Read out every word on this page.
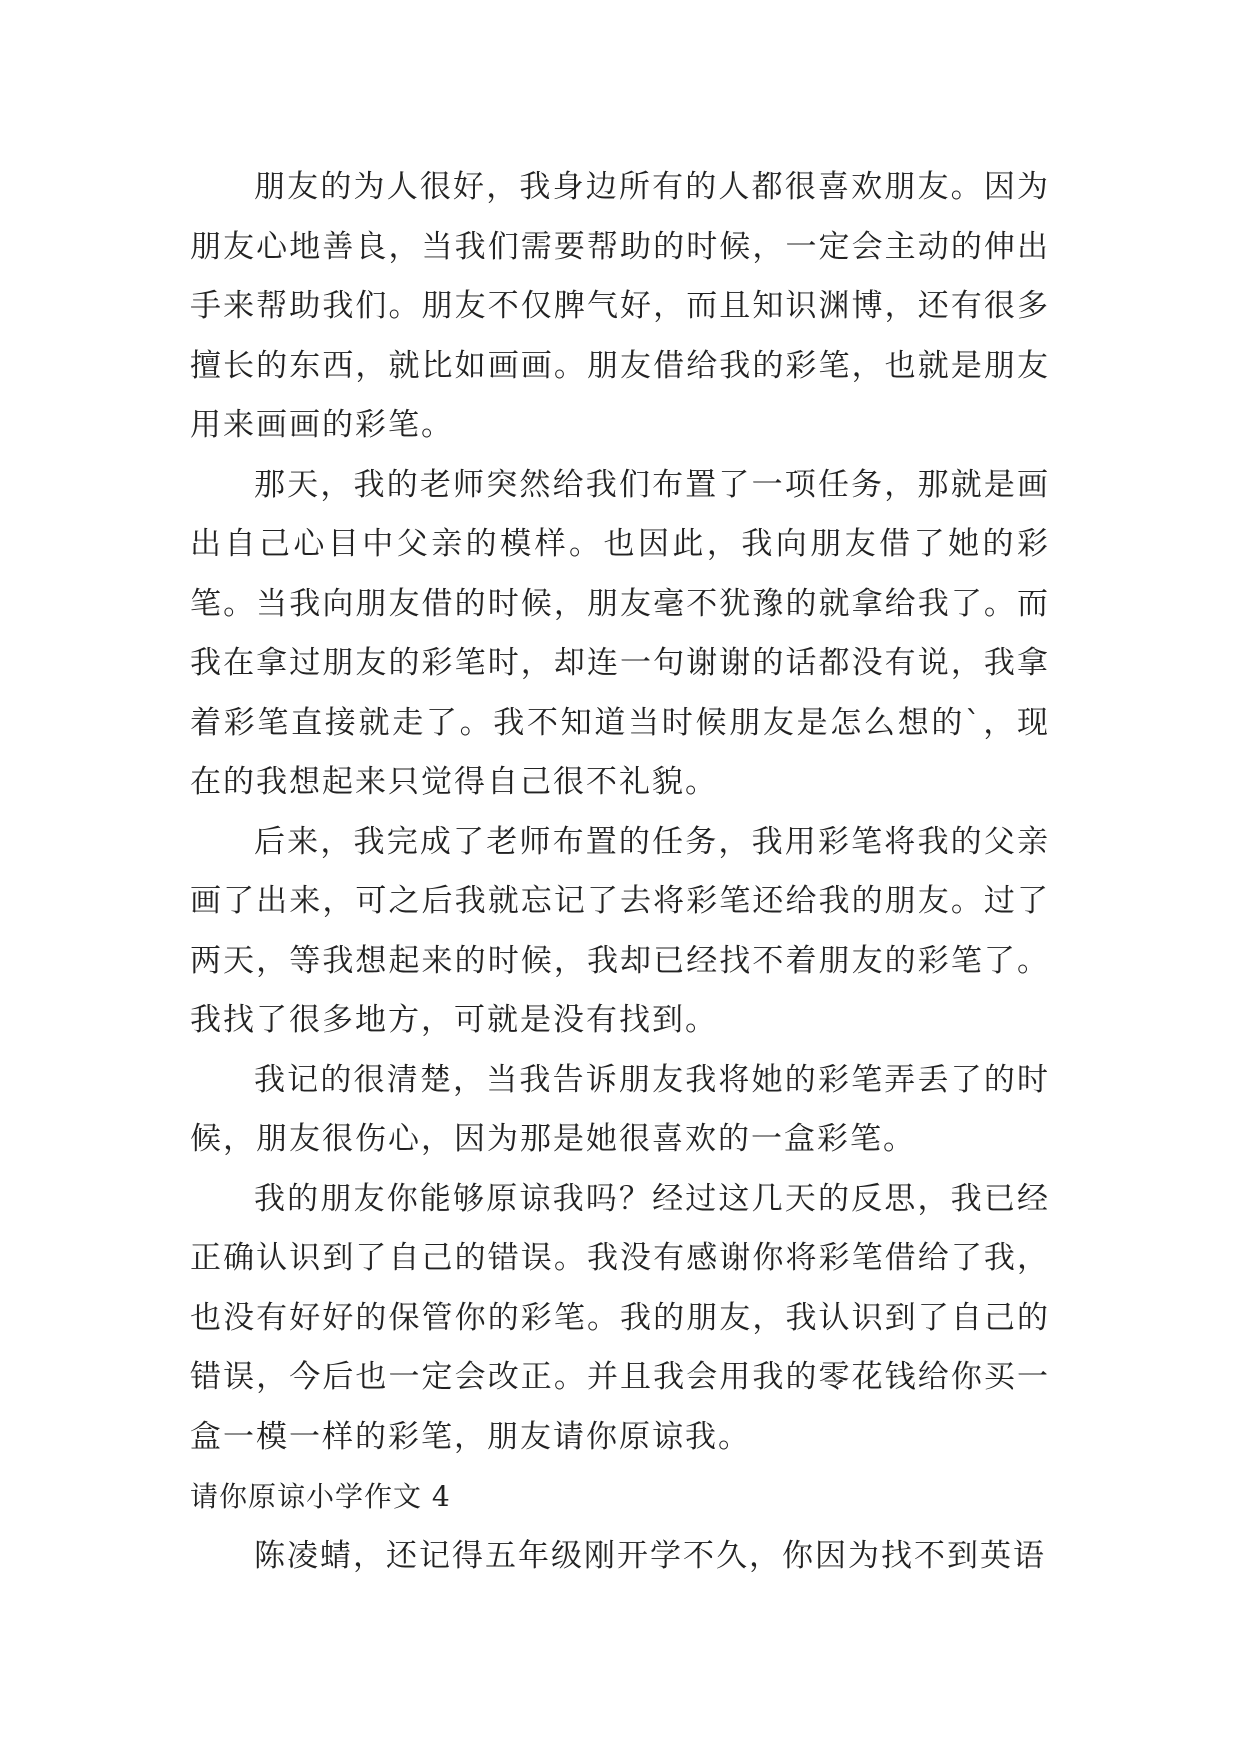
朋友的为人很好，我身边所有的人都很喜欢朋友。因为朋友心地善良，当我们需要帮助的时候，一定会主动的伸出手来帮助我们。朋友不仅脾气好，而且知识渊博，还有很多擅长的东西，就比如画画。朋友借给我的彩笔，也就是朋友用来画画的彩笔。

那天，我的老师突然给我们布置了一项任务，那就是画出自己心目中父亲的模样。也因此，我向朋友借了她的彩笔。当我向朋友借的时候，朋友毫不犹豫的就拿给我了。而我在拿过朋友的彩笔时，却连一句谢谢的话都没有说，我拿着彩笔直接就走了。我不知道当时候朋友是怎么想的`，现在的我想起来只觉得自己很不礼貌。

后来，我完成了老师布置的任务，我用彩笔将我的父亲画了出来，可之后我就忘记了去将彩笔还给我的朋友。过了两天，等我想起来的时候，我却已经找不着朋友的彩笔了。我找了很多地方，可就是没有找到。

我记的很清楚，当我告诉朋友我将她的彩笔弄丢了的时候，朋友很伤心，因为那是她很喜欢的一盒彩笔。

我的朋友你能够原谅我吗？经过这几天的反思，我已经正确认识到了自己的错误。我没有感谢你将彩笔借给了我，也没有好好的保管你的彩笔。我的朋友，我认识到了自己的错误，今后也一定会改正。并且我会用我的零花钱给你买一盒一模一样的彩笔，朋友请你原谅我。

请你原谅小学作文 4

陈凌蜻，还记得五年级刚开学不久，你因为找不到英语
